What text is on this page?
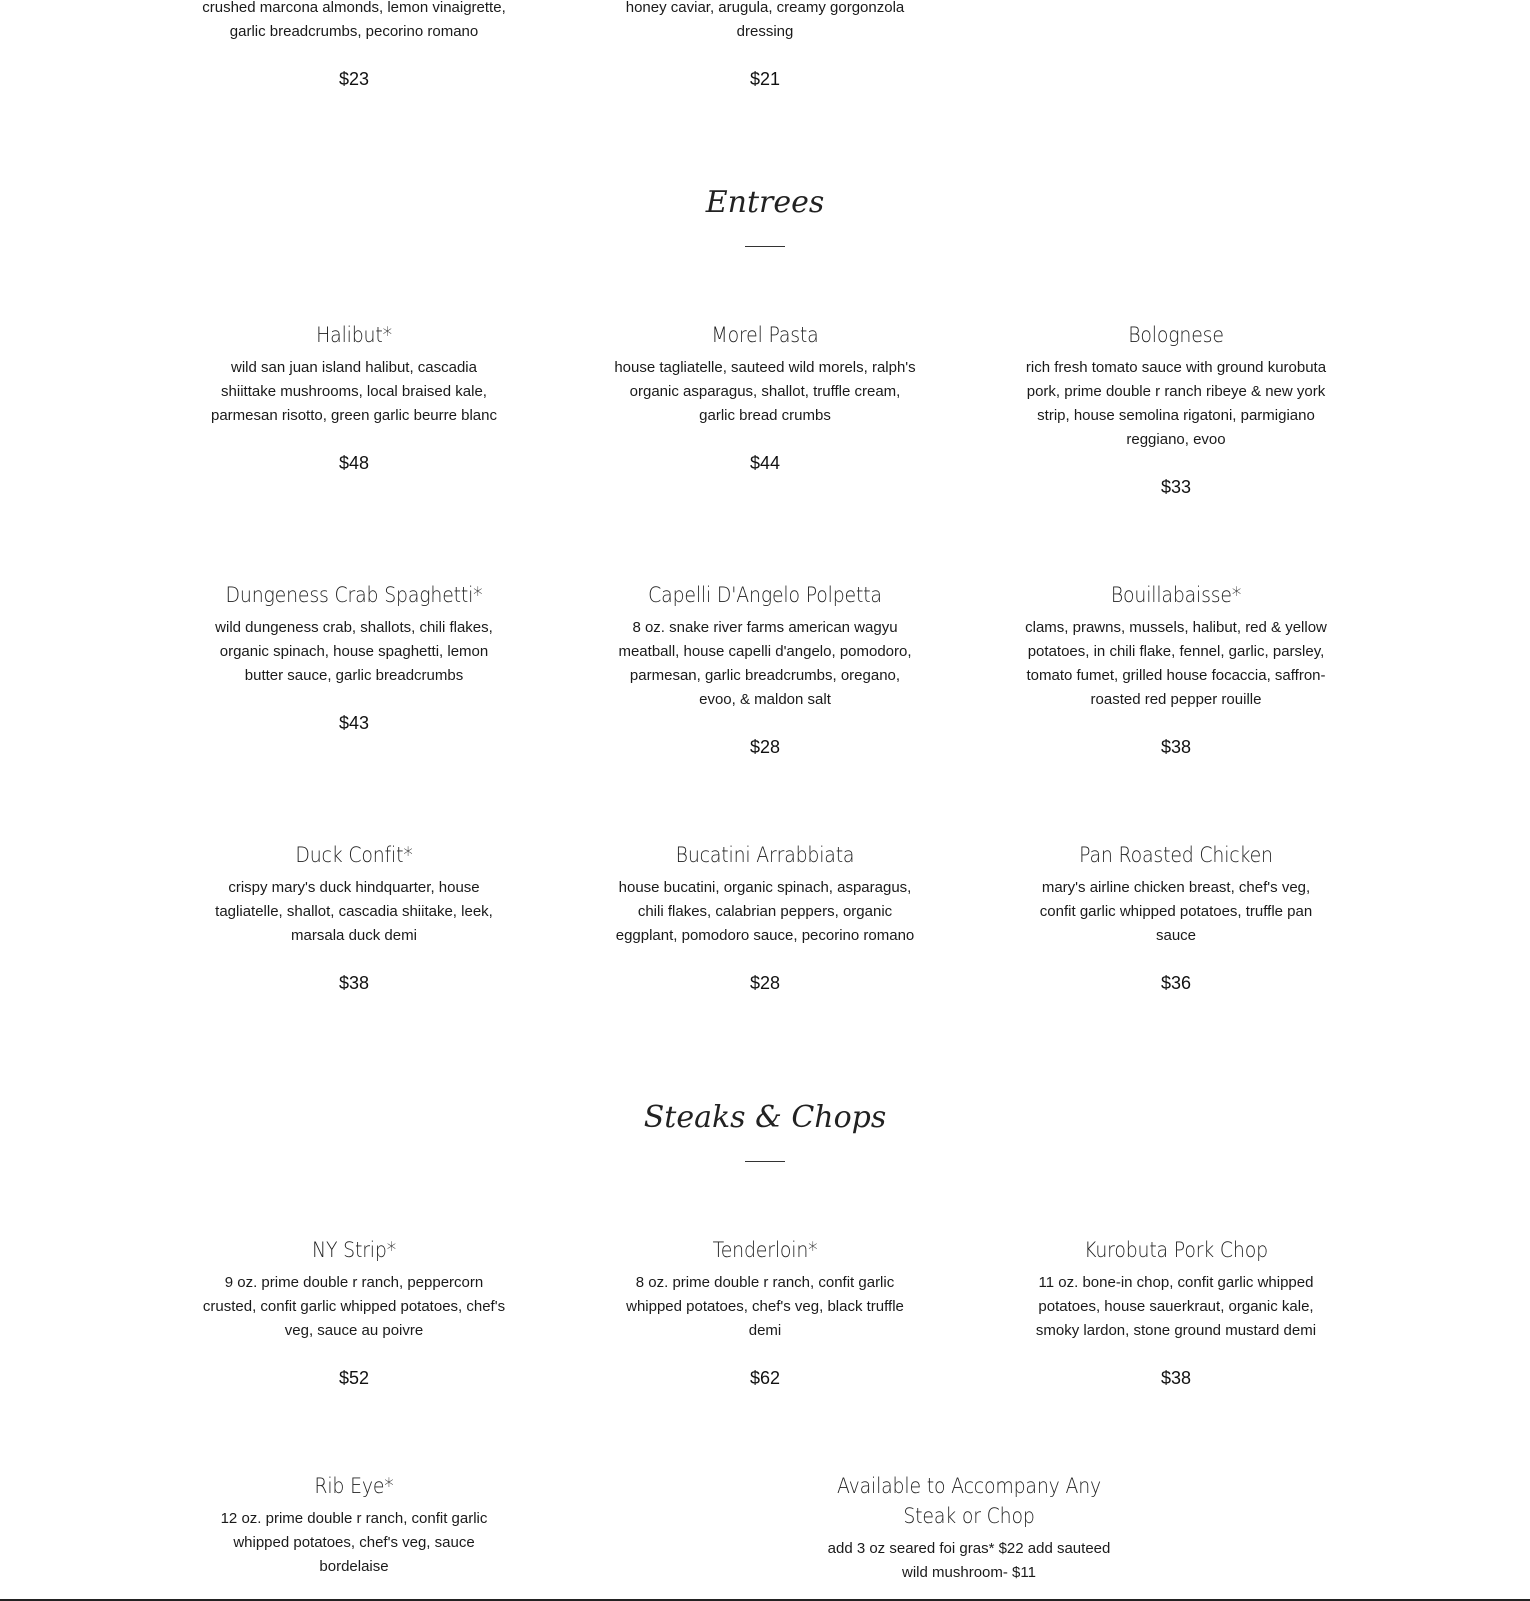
crushed marcona almonds, lemon vinaigrette, garlic breadcrumbs, pecorino romano
$23
honey caviar, arugula, creamy gorgonzola dressing
$21
Entrees
Halibut*
wild san juan island halibut, cascadia shiittake mushrooms, local braised kale, parmesan risotto, green garlic beurre blanc
$48
Morel Pasta
house tagliatelle, sauteed wild morels, ralph's organic asparagus, shallot, truffle cream, garlic bread crumbs
$44
Bolognese
rich fresh tomato sauce with ground kurobuta pork, prime double r ranch ribeye & new york strip, house semolina rigatoni, parmigiano reggiano, evoo
$33
Dungeness Crab Spaghetti*
wild dungeness crab, shallots, chili flakes, organic spinach, house spaghetti, lemon butter sauce, garlic breadcrumbs
$43
Capelli D'Angelo Polpetta
8 oz. snake river farms american wagyu meatball, house capelli d'angelo, pomodoro, parmesan, garlic breadcrumbs, oregano, evoo, & maldon salt
$28
Bouillabaisse*
clams, prawns, mussels, halibut, red & yellow potatoes, in chili flake, fennel, garlic, parsley, tomato fumet, grilled house focaccia, saffron-roasted red pepper rouille
$38
Duck Confit*
crispy mary's duck hindquarter, house tagliatelle, shallot, cascadia shiitake, leek, marsala duck demi
$38
Bucatini Arrabbiata
house bucatini, organic spinach, asparagus, chili flakes, calabrian peppers, organic eggplant, pomodoro sauce, pecorino romano
$28
Pan Roasted Chicken
mary's airline chicken breast, chef's veg, confit garlic whipped potatoes, truffle pan sauce
$36
Steaks & Chops
NY Strip*
9 oz. prime double r ranch, peppercorn crusted, confit garlic whipped potatoes, chef's veg, sauce au poivre
$52
Tenderloin*
8 oz. prime double r ranch, confit garlic whipped potatoes, chef's veg, black truffle demi
$62
Kurobuta Pork Chop
11 oz. bone-in chop, confit garlic whipped potatoes, house sauerkraut, organic kale, smoky lardon, stone ground mustard demi
$38
Rib Eye*
12 oz. prime double r ranch, confit garlic whipped potatoes, chef's veg, sauce bordelaise
Available to Accompany Any Steak or Chop
add 3 oz seared foi gras* $22 add sauteed wild mushroom- $11
